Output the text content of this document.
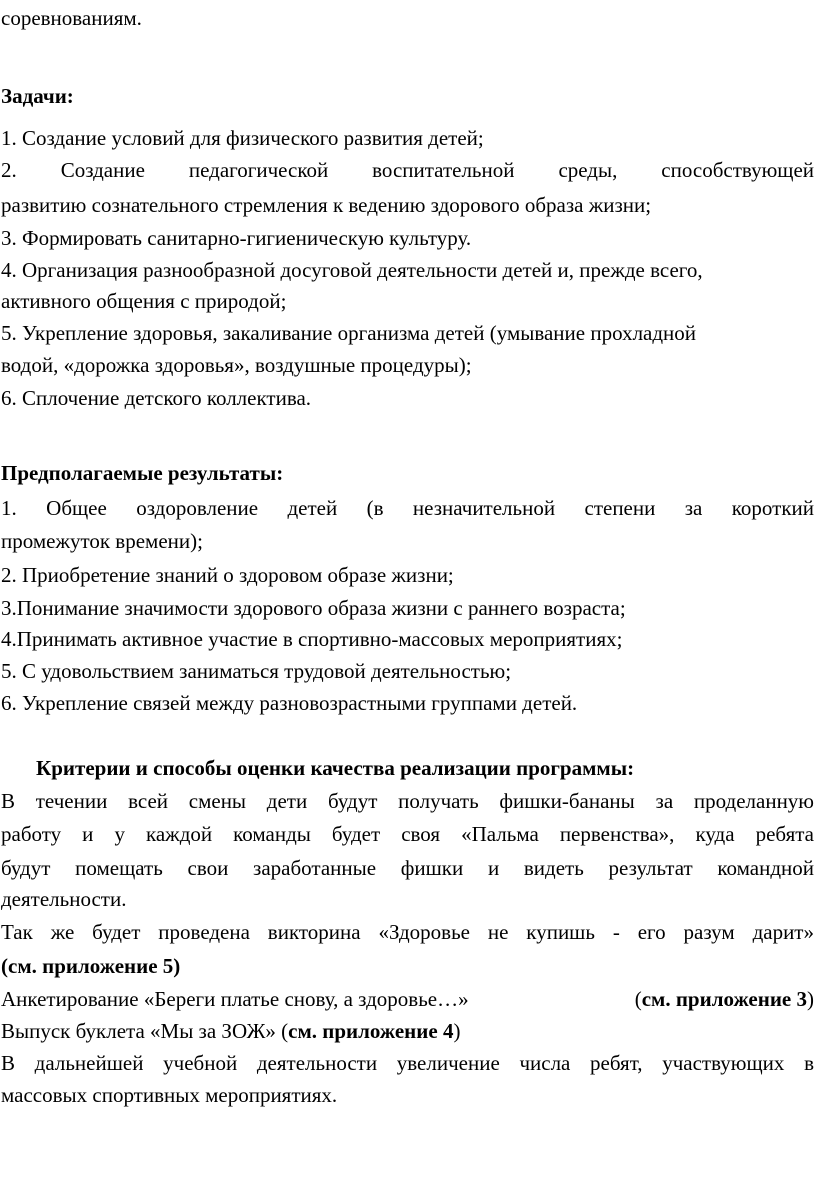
соревнованиям.
Задачи:
1. Создание условий для физического развития детей;
2. Создание педагогической воспитательной среды, способствующей
развитию сознательного стремления к ведению здорового образа жизни;
3. Формировать санитарно-гигиеническую культуру.
4. Организация разнообразной досуговой деятельности детей и, прежде всего,
активного общения с природой;
5. Укрепление здоровья, закаливание организма детей (умывание прохладной
водой, «дорожка здоровья», воздушные процедуры);
6. Сплочение детского коллектива.
Предполагаемые результаты:
1. Общее оздоровление детей (в незначительной степени за короткий
промежуток времени);
2. Приобретение знаний о здоровом образе жизни;
3.Понимание значимости здорового образа жизни с раннего возраста;
4.Принимать активное участие в спортивно-массовых мероприятиях;
5. С удовольствием заниматься трудовой деятельностью;
6. Укрепление связей между разновозрастными группами детей.
Критерии и способы оценки качества реализации программы:
В течении всей смены дети будут получать фишки-бананы за проделанную
работу и у каждой команды будет своя «Пальма первенства», куда ребята
будут помещать свои заработанные фишки и видеть результат командной
деятельности.
Так же будет проведена викторина «Здоровье не купишь - его разум дарит»
(см. приложение 5)
Анкетирование «Береги платье снову, а здоровье…»	(см. приложение 3)
Выпуск буклета «Мы за ЗОЖ» (см. приложение 4)
В дальнейшей учебной деятельности увеличение числа ребят, участвующих в
массовых спортивных мероприятиях.
